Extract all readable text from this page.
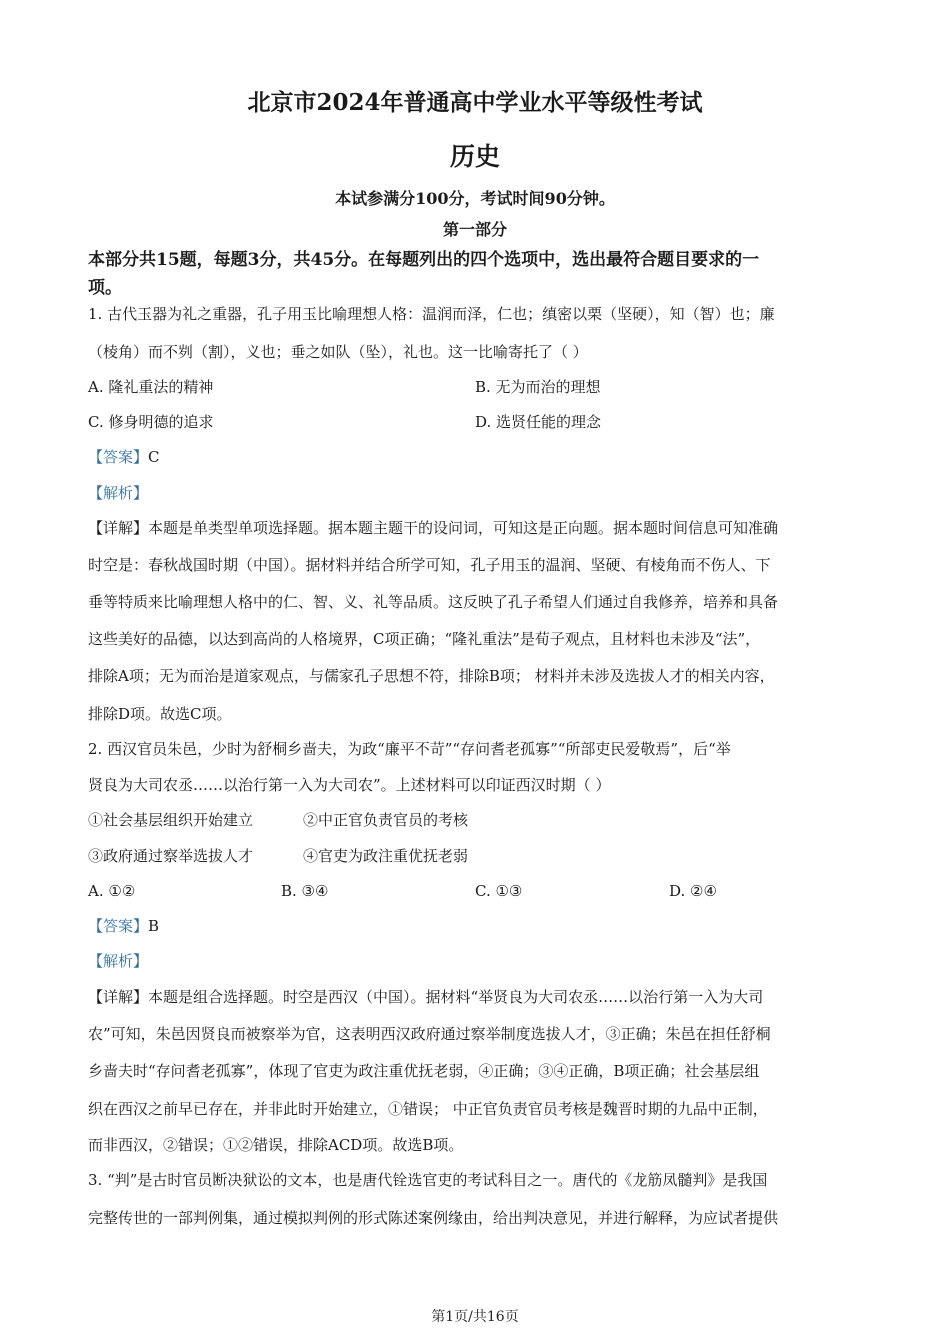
北京市2024年普通高中学业水平等级性考试
历史
本试参满分100分，考试时间90分钟。
第一部分
本部分共15题，每题3分，共45分。在每题列出的四个选项中，选出最符合题目要求的一
项。
1. 古代玉器为礼之重器，孔子用玉比喻理想人格：温润而泽，仁也；缜密以栗（坚硬），知（智）也；廉
（棱角）而不刿（割），义也；垂之如队（坠），礼也。这一比喻寄托了（ ）
A. 隆礼重法的精神	B. 无为而治的理想
C. 修身明德的追求	D. 选贤任能的理念
【答案】C
【解析】
【详解】本题是单类型单项选择题。据本题主题干的设问词，可知这是正向题。据本题时间信息可知准确
时空是：春秋战国时期（中国）。据材料并结合所学可知，孔子用玉的温润、坚硬、有棱角而不伤人、下
垂等特质来比喻理想人格中的仁、智、义、礼等品质。这反映了孔子希望人们通过自我修养，培养和具备
这些美好的品德，以达到高尚的人格境界，C项正确；“隆礼重法”是荀子观点，且材料也未涉及“法”，
排除A项；无为而治是道家观点，与儒家孔子思想不符，排除B项； 材料并未涉及选拔人才的相关内容，
排除D项。故选C项。
2. 西汉官员朱邑，少时为舒桐乡啬夫，为政“廉平不苛”“存问耆老孤寡”“所部吏民爱敬焉”，后“举
贤良为大司农丞……以治行第一入为大司农”。上述材料可以印证西汉时期（ ）
①社会基层组织开始建立	②中正官负责官员的考核
③政府通过察举选拔人才	④官吏为政注重优抚老弱
A. ①②	B. ③④	C. ①③	D. ②④
【答案】B
【解析】
【详解】本题是组合选择题。时空是西汉（中国）。据材料“举贤良为大司农丞……以治行第一入为大司
农”可知，朱邑因贤良而被察举为官，这表明西汉政府通过察举制度选拔人才，③正确；朱邑在担任舒桐
乡啬夫时“存问耆老孤寡”，体现了官吏为政注重优抚老弱，④正确；③④正确，B项正确；社会基层组
织在西汉之前早已存在，并非此时开始建立，①错误； 中正官负责官员考核是魏晋时期的九品中正制，
而非西汉，②错误；①②错误，排除ACD项。故选B项。
3. “判”是古时官员断决狱讼的文本，也是唐代铨选官吏的考试科目之一。唐代的《龙筋凤髓判》是我国
完整传世的一部判例集，通过模拟判例的形式陈述案例缘由，给出判决意见，并进行解释，为应试者提供
第1页/共16页
